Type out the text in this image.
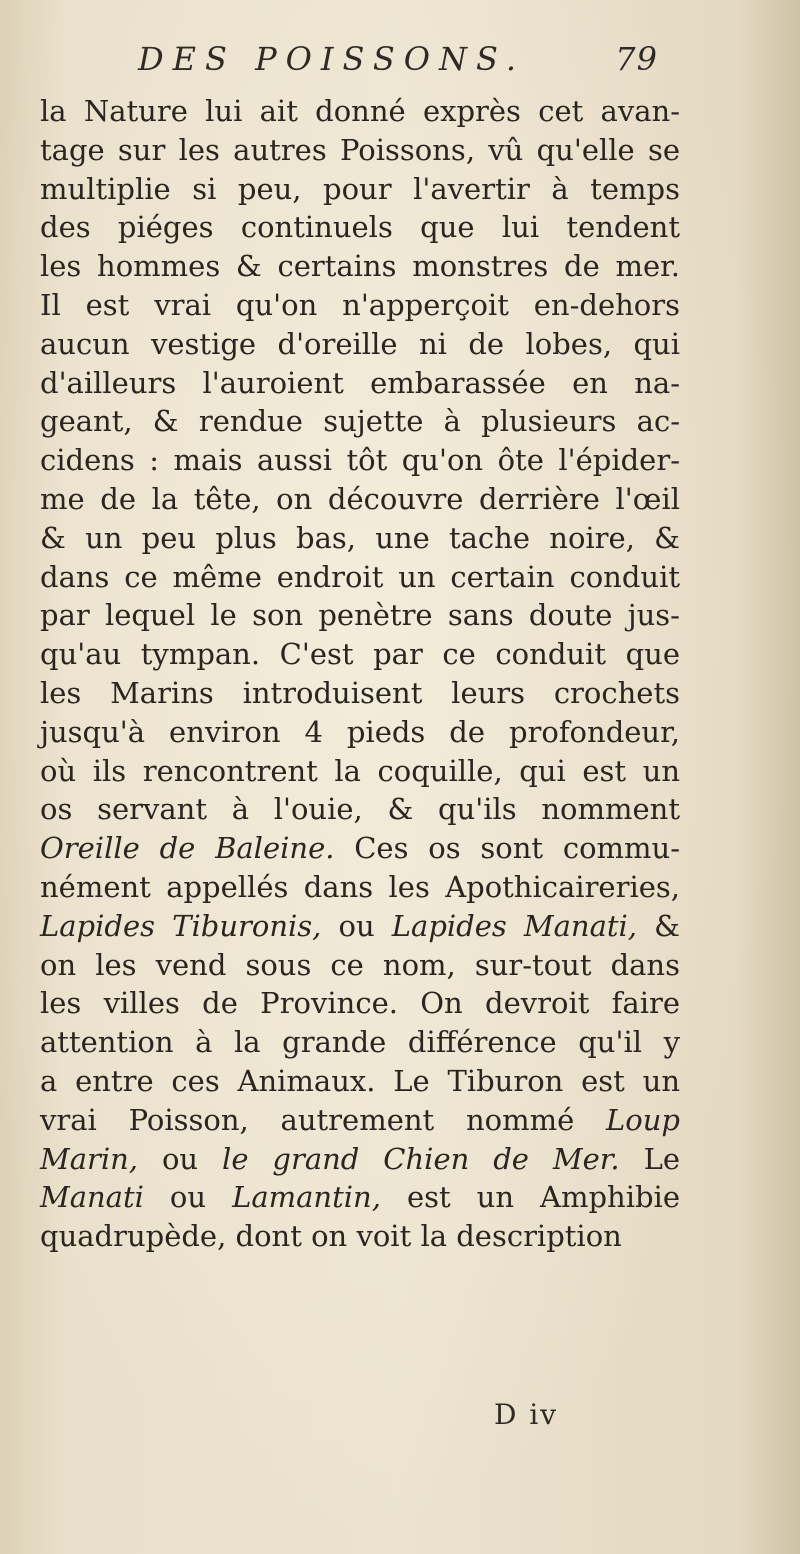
DES POISSONS.	79
la Nature lui ait donné exprès cet avan-
tage sur les autres Poissons, vû qu'elle se
multiplie si peu, pour l'avertir à temps
des piéges continuels que lui tendent
les hommes & certains monstres de mer.
Il est vrai qu'on n'apperçoit en-dehors
aucun vestige d'oreille ni de lobes, qui
d'ailleurs l'auroient embarassée en na-
geant, & rendue sujette à plusieurs ac-
cidens : mais aussi tôt qu'on ôte l'épider-
me de la tête, on découvre derrière l'œil
& un peu plus bas, une tache noire, &
dans ce même endroit un certain conduit
par lequel le son penètre sans doute jus-
qu'au tympan. C'est par ce conduit que
les Marins introduisent leurs crochets
jusqu'à environ 4 pieds de profondeur,
où ils rencontrent la coquille, qui est un
os servant à l'ouie, & qu'ils nomment
Oreille de Baleine. Ces os sont commu-
nément appellés dans les Apothicaireries,
Lapides Tiburonis, ou Lapides Manati, &
on les vend sous ce nom, sur-tout dans
les villes de Province. On devroit faire
attention à la grande différence qu'il y
a entre ces Animaux. Le Tiburon est un
vrai Poisson, autrement nommé Loup
Marin, ou le grand Chien de Mer. Le
Manati ou Lamantin, est un Amphibie
quadrupède, dont on voit la description
D iv
